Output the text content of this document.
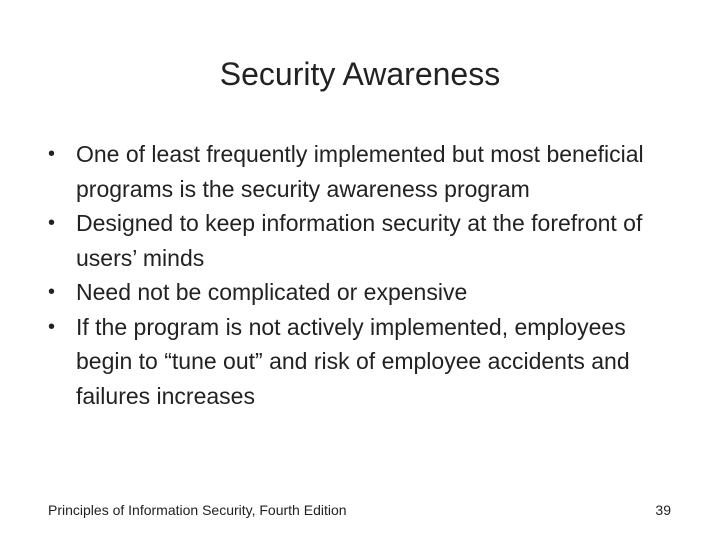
Security Awareness
• One of least frequently implemented but most beneficial programs is the security awareness program
• Designed to keep information security at the forefront of users’ minds
• Need not be complicated or expensive
• If the program is not actively implemented, employees begin to “tune out” and risk of employee accidents and failures increases
Principles of Information Security, Fourth Edition	39
